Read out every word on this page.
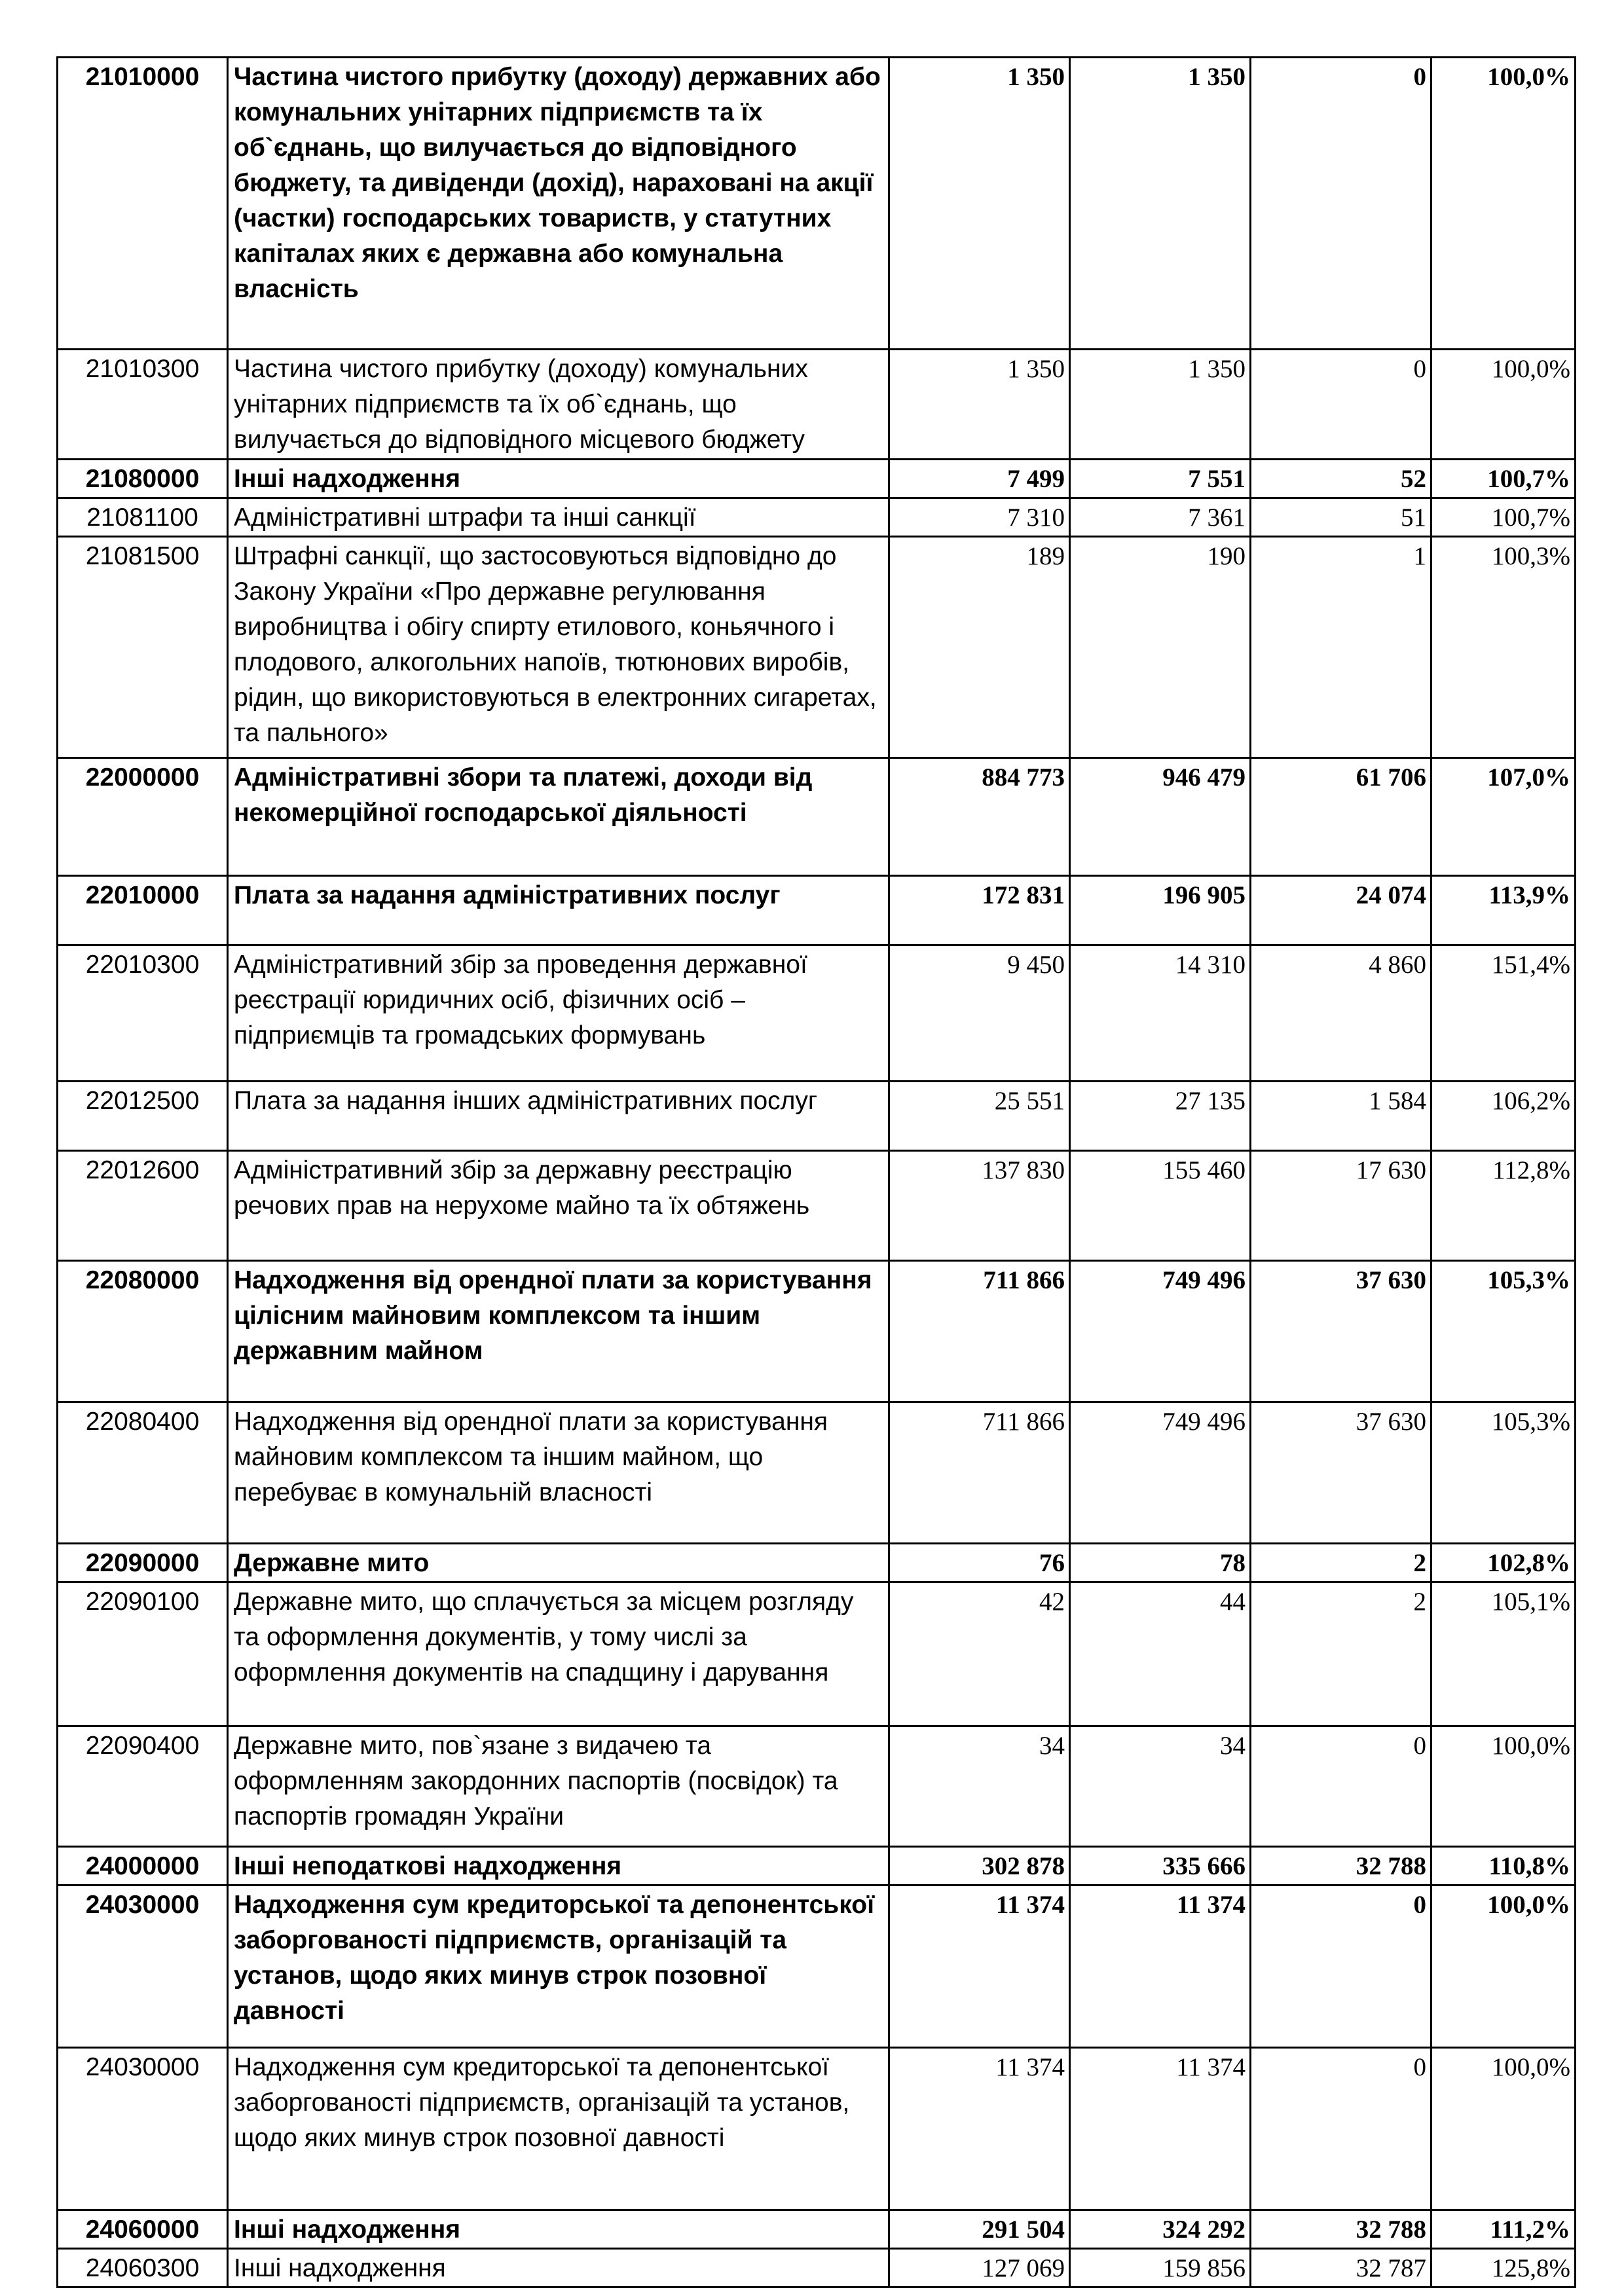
21010000	Частина чистого прибутку (доходу) державних або комунальних унітарних підприємств та їх об`єднань, що вилучається до відповідного бюджету, та дивіденди (дохід), нараховані на акції (частки) господарських товариств, у статутних капіталах яких є державна або комунальна власність	1 350	1 350	0	100,0%
21010300	Частина чистого прибутку (доходу) комунальних унітарних підприємств та їх об`єднань, що вилучається до відповідного місцевого бюджету	1 350	1 350	0	100,0%
21080000	Інші надходження	7 499	7 551	52	100,7%
21081100	Адміністративні штрафи та інші санкції	7 310	7 361	51	100,7%
21081500	Штрафні санкції, що застосовуються відповідно до Закону України «Про державне регулювання виробництва і обігу спирту етилового, коньячного і плодового, алкогольних напоїв, тютюнових виробів, рідин, що використовуються в електронних сигаретах, та пального»	189	190	1	100,3%
22000000	Адміністративні збори та платежі, доходи від некомерційної господарської діяльності	884 773	946 479	61 706	107,0%
22010000	Плата за надання адміністративних послуг	172 831	196 905	24 074	113,9%
22010300	Адміністративний збір за проведення державної реєстрації юридичних осіб, фізичних осіб – підприємців та громадських формувань	9 450	14 310	4 860	151,4%
22012500	Плата за надання інших адміністративних послуг	25 551	27 135	1 584	106,2%
22012600	Адміністративний збір за державну реєстрацію речових прав на нерухоме майно та їх обтяжень	137 830	155 460	17 630	112,8%
22080000	Надходження від орендної плати за користування цілісним майновим комплексом та іншим державним майном	711 866	749 496	37 630	105,3%
22080400	Надходження від орендної плати за користування майновим комплексом та іншим майном, що перебуває в комунальній власності	711 866	749 496	37 630	105,3%
22090000	Державне мито	76	78	2	102,8%
22090100	Державне мито, що сплачується за місцем розгляду та оформлення документів, у тому числі за оформлення документів на спадщину і дарування	42	44	2	105,1%
22090400	Державне мито, пов`язане з видачею та оформленням закордонних паспортів (посвідок) та паспортів громадян України	34	34	0	100,0%
24000000	Інші неподаткові надходження	302 878	335 666	32 788	110,8%
24030000	Надходження сум кредиторської та депонентської заборгованості підприємств, організацій та установ, щодо яких минув строк позовної давності	11 374	11 374	0	100,0%
24030000	Надходження сум кредиторської та депонентської заборгованості підприємств, організацій та установ, щодо яких минув строк позовної давності	11 374	11 374	0	100,0%
24060000	Інші надходження	291 504	324 292	32 788	111,2%
24060300	Інші надходження	127 069	159 856	32 787	125,8%
